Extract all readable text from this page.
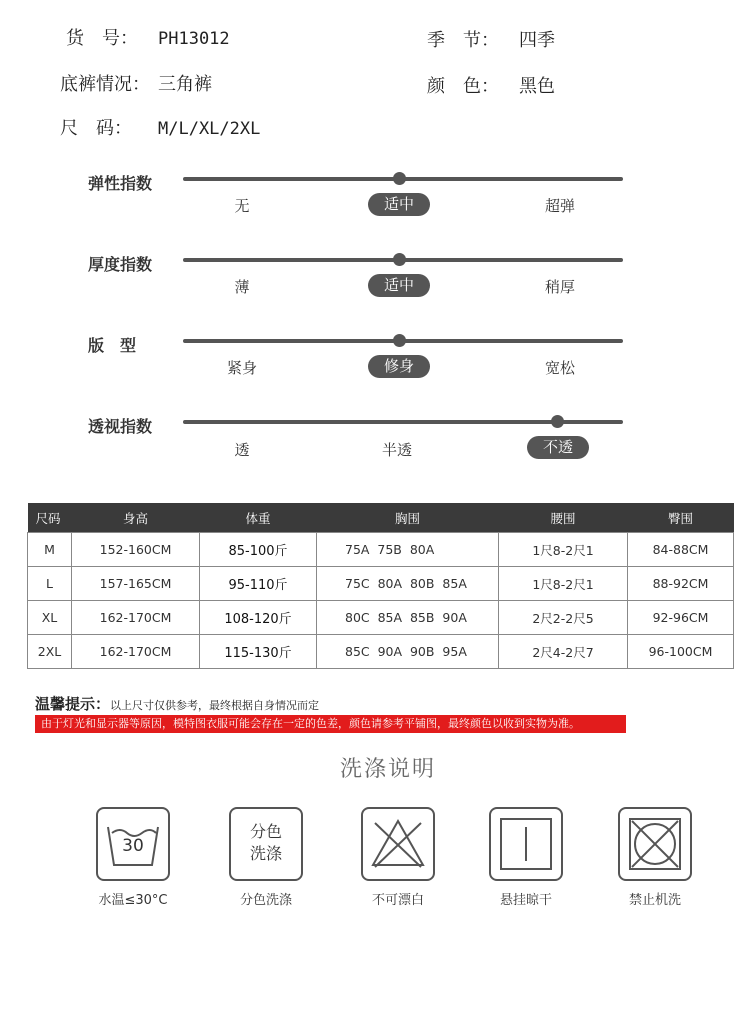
货　号： PH13012	季　节： 四季
底裤情况： 三角裤	颜　色： 黑色
尺　码： M/L/XL/2XL
弹性指数
无	适中	超弹
厚度指数
薄	适中	稍厚
版　型
紧身	修身	宽松
透视指数
透	半透	不透
尺码	身高	体重	胸围	腰围	臀围
M	152-160CM	85-100斤	75A  75B  80A	1尺8-2尺1	84-88CM
L	157-165CM	95-110斤	75C  80A  80B  85A	1尺8-2尺1	88-92CM
XL	162-170CM	108-120斤	80C  85A  85B  90A	2尺2-2尺5	92-96CM
2XL	162-170CM	115-130斤	85C  90A  90B  95A	2尺4-2尺7	96-100CM
温馨提示：以上尺寸仅供参考，最终根据自身情况而定
由于灯光和显示器等原因，模特图衣服可能会存在一定的色差，颜色请参考平铺图，最终颜色以收到实物为准。
洗涤说明
30
水温≤30°C
分色
洗涤
分色洗涤	不可漂白	悬挂晾干	禁止机洗
